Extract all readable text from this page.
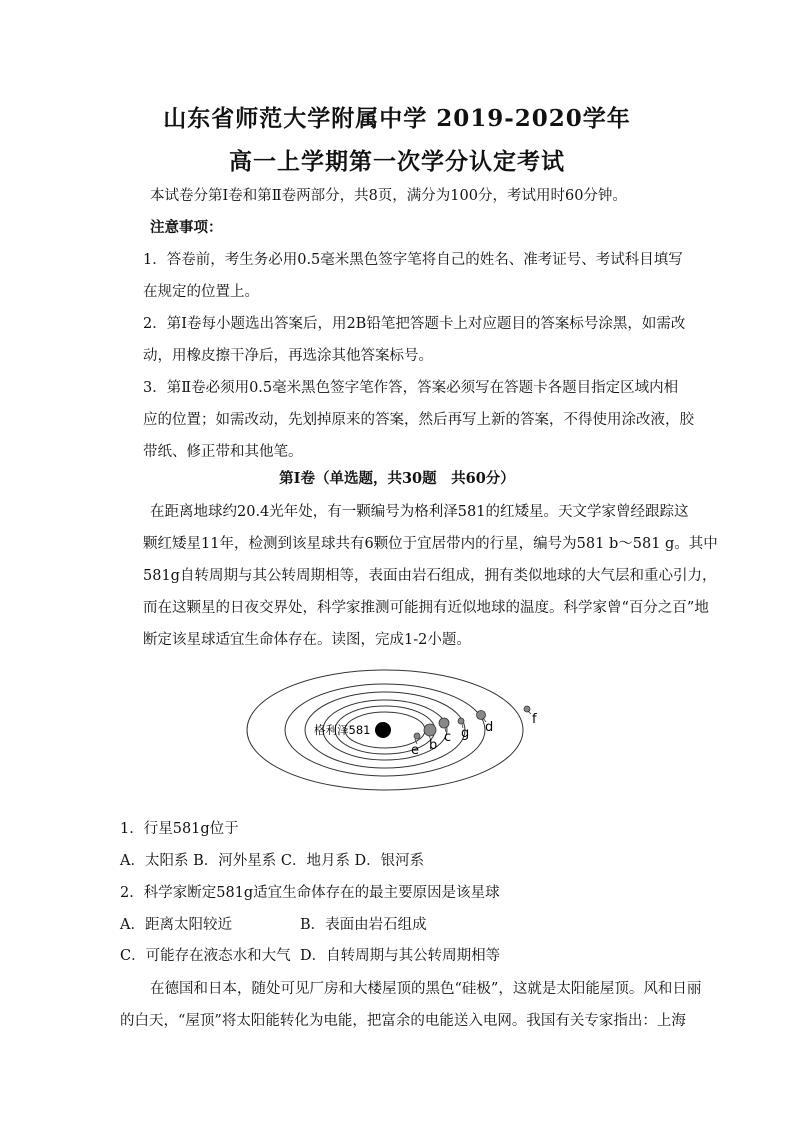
山东省师范大学附属中学 2019-2020学年
高一上学期第一次学分认定考试
本试卷分第Ⅰ卷和第Ⅱ卷两部分，共8页，满分为100分，考试用时60分钟。
注意事项：
1．答卷前，考生务必用0.5毫米黑色签字笔将自己的姓名、准考证号、考试科目填写
在规定的位置上。
2．第Ⅰ卷每小题选出答案后，用2B铅笔把答题卡上对应题目的答案标号涂黑，如需改
动，用橡皮擦干净后，再选涂其他答案标号。
3．第Ⅱ卷必须用0.5毫米黑色签字笔作答，答案必须写在答题卡各题目指定区域内相
应的位置；如需改动，先划掉原来的答案，然后再写上新的答案，不得使用涂改液，胶
带纸、修正带和其他笔。
第Ⅰ卷（单选题，共30题　共60分）
在距离地球约20.4光年处，有一颗编号为格利泽581的红矮星。天文学家曾经跟踪这
颗红矮星11年，检测到该星球共有6颗位于宜居带内的行星，编号为581 b～581 g。其中
581g自转周期与其公转周期相等，表面由岩石组成，拥有类似地球的大气层和重心引力，
而在这颗星的日夜交界处，科学家推测可能拥有近似地球的温度。科学家曾“百分之百”地
断定该星球适宜生命体存在。读图，完成1-2小题。
格利泽581
e b
c g d
f
1．行星581g位于
A．太阳系 B．河外星系 C．地月系 D．银河系
2．科学家断定581g适宜生命体存在的最主要原因是该星球
A．距离太阳较近	B．表面由岩石组成
C．可能存在液态水和大气 D．自转周期与其公转周期相等
在德国和日本，随处可见厂房和大楼屋顶的黑色“硅极”，这就是太阳能屋顶。风和日丽
的白天，“屋顶”将太阳能转化为电能，把富余的电能送入电网。我国有关专家指出：上海
